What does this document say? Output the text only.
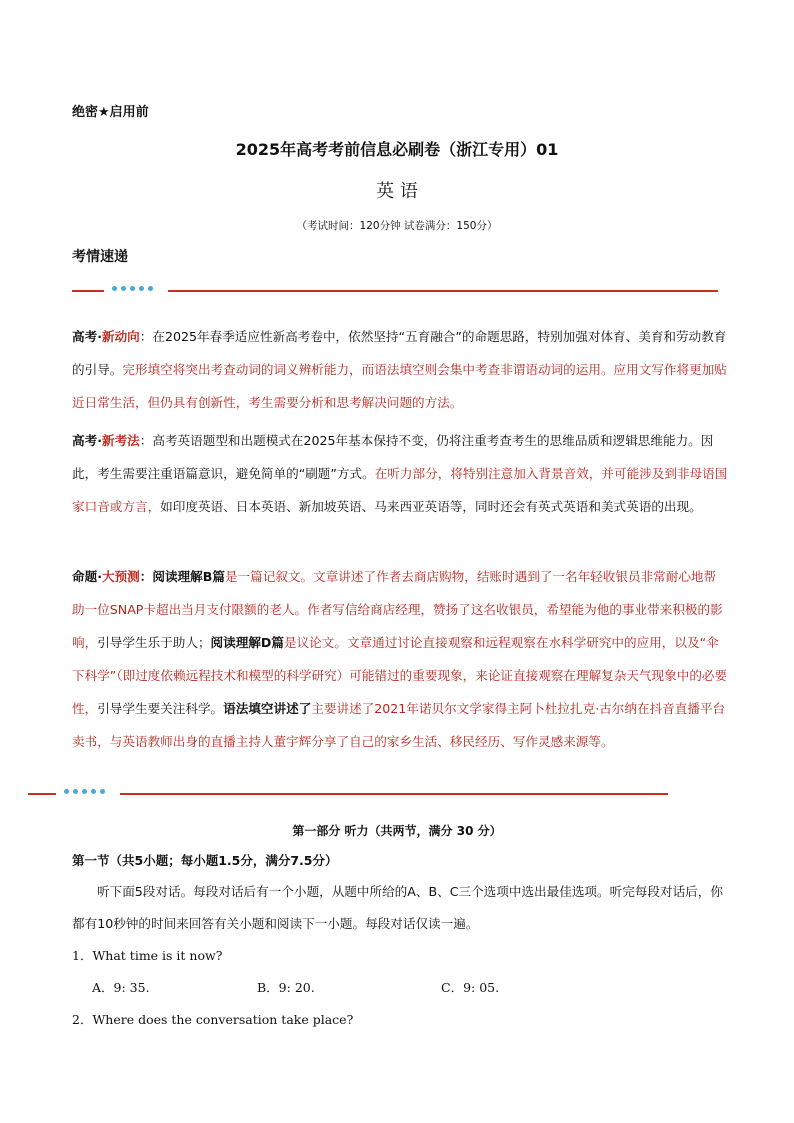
绝密★启用前
2025年高考考前信息必刷卷（浙江专用）01
英 语
（考试时间：120分钟 试卷满分：150分）
考情速递
高考·新动向：在2025年春季适应性新高考卷中，依然坚持“五育融合”的命题思路，特别加强对体育、美育和劳动教育的引导。完形填空将突出考查动词的词义辨析能力，而语法填空则会集中考查非谓语动词的运用。应用文写作将更加贴近日常生活，但仍具有创新性，考生需要分析和思考解决问题的方法。
高考·新考法：高考英语题型和出题模式在2025年基本保持不变，仍将注重考查考生的思维品质和逻辑思维能力。因此，考生需要注重语篇意识，避免简单的“刷题”方式。在听力部分，将特别注意加入背景音效，并可能涉及到非母语国家口音或方言，如印度英语、日本英语、新加坡英语、马来西亚英语等，同时还会有英式英语和美式英语的出现。
命题·大预测：阅读理解B篇是一篇记叙文。文章讲述了作者去商店购物，结账时遇到了一名年轻收银员非常耐心地帮助一位SNAP卡超出当月支付限额的老人。作者写信给商店经理，赞扬了这名收银员，希望能为他的事业带来积极的影响，引导学生乐于助人；阅读理解D篇是议论文。文章通过讨论直接观察和远程观察在水科学研究中的应用，以及“伞下科学”（即过度依赖远程技术和模型的科学研究）可能错过的重要现象，来论证直接观察在理解复杂天气现象中的必要性，引导学生要关注科学。语法填空讲述了主要讲述了2021年诺贝尔文学家得主阿卜杜拉扎克·古尔纳在抖音直播平台卖书，与英语教师出身的直播主持人董宇辉分享了自己的家乡生活、移民经历、写作灵感来源等。
第一部分 听力（共两节，满分 30 分）
第一节（共5小题；每小题1.5分，满分7.5分）
听下面5段对话。每段对话后有一个小题，从题中所给的A、B、C三个选项中选出最佳选项。听完每段对话后，你都有10秒钟的时间来回答有关小题和阅读下一小题。每段对话仅读一遍。
1．What time is it now?
A．9: 35.	B．9: 20.	C．9: 05.
2．Where does the conversation take place?
